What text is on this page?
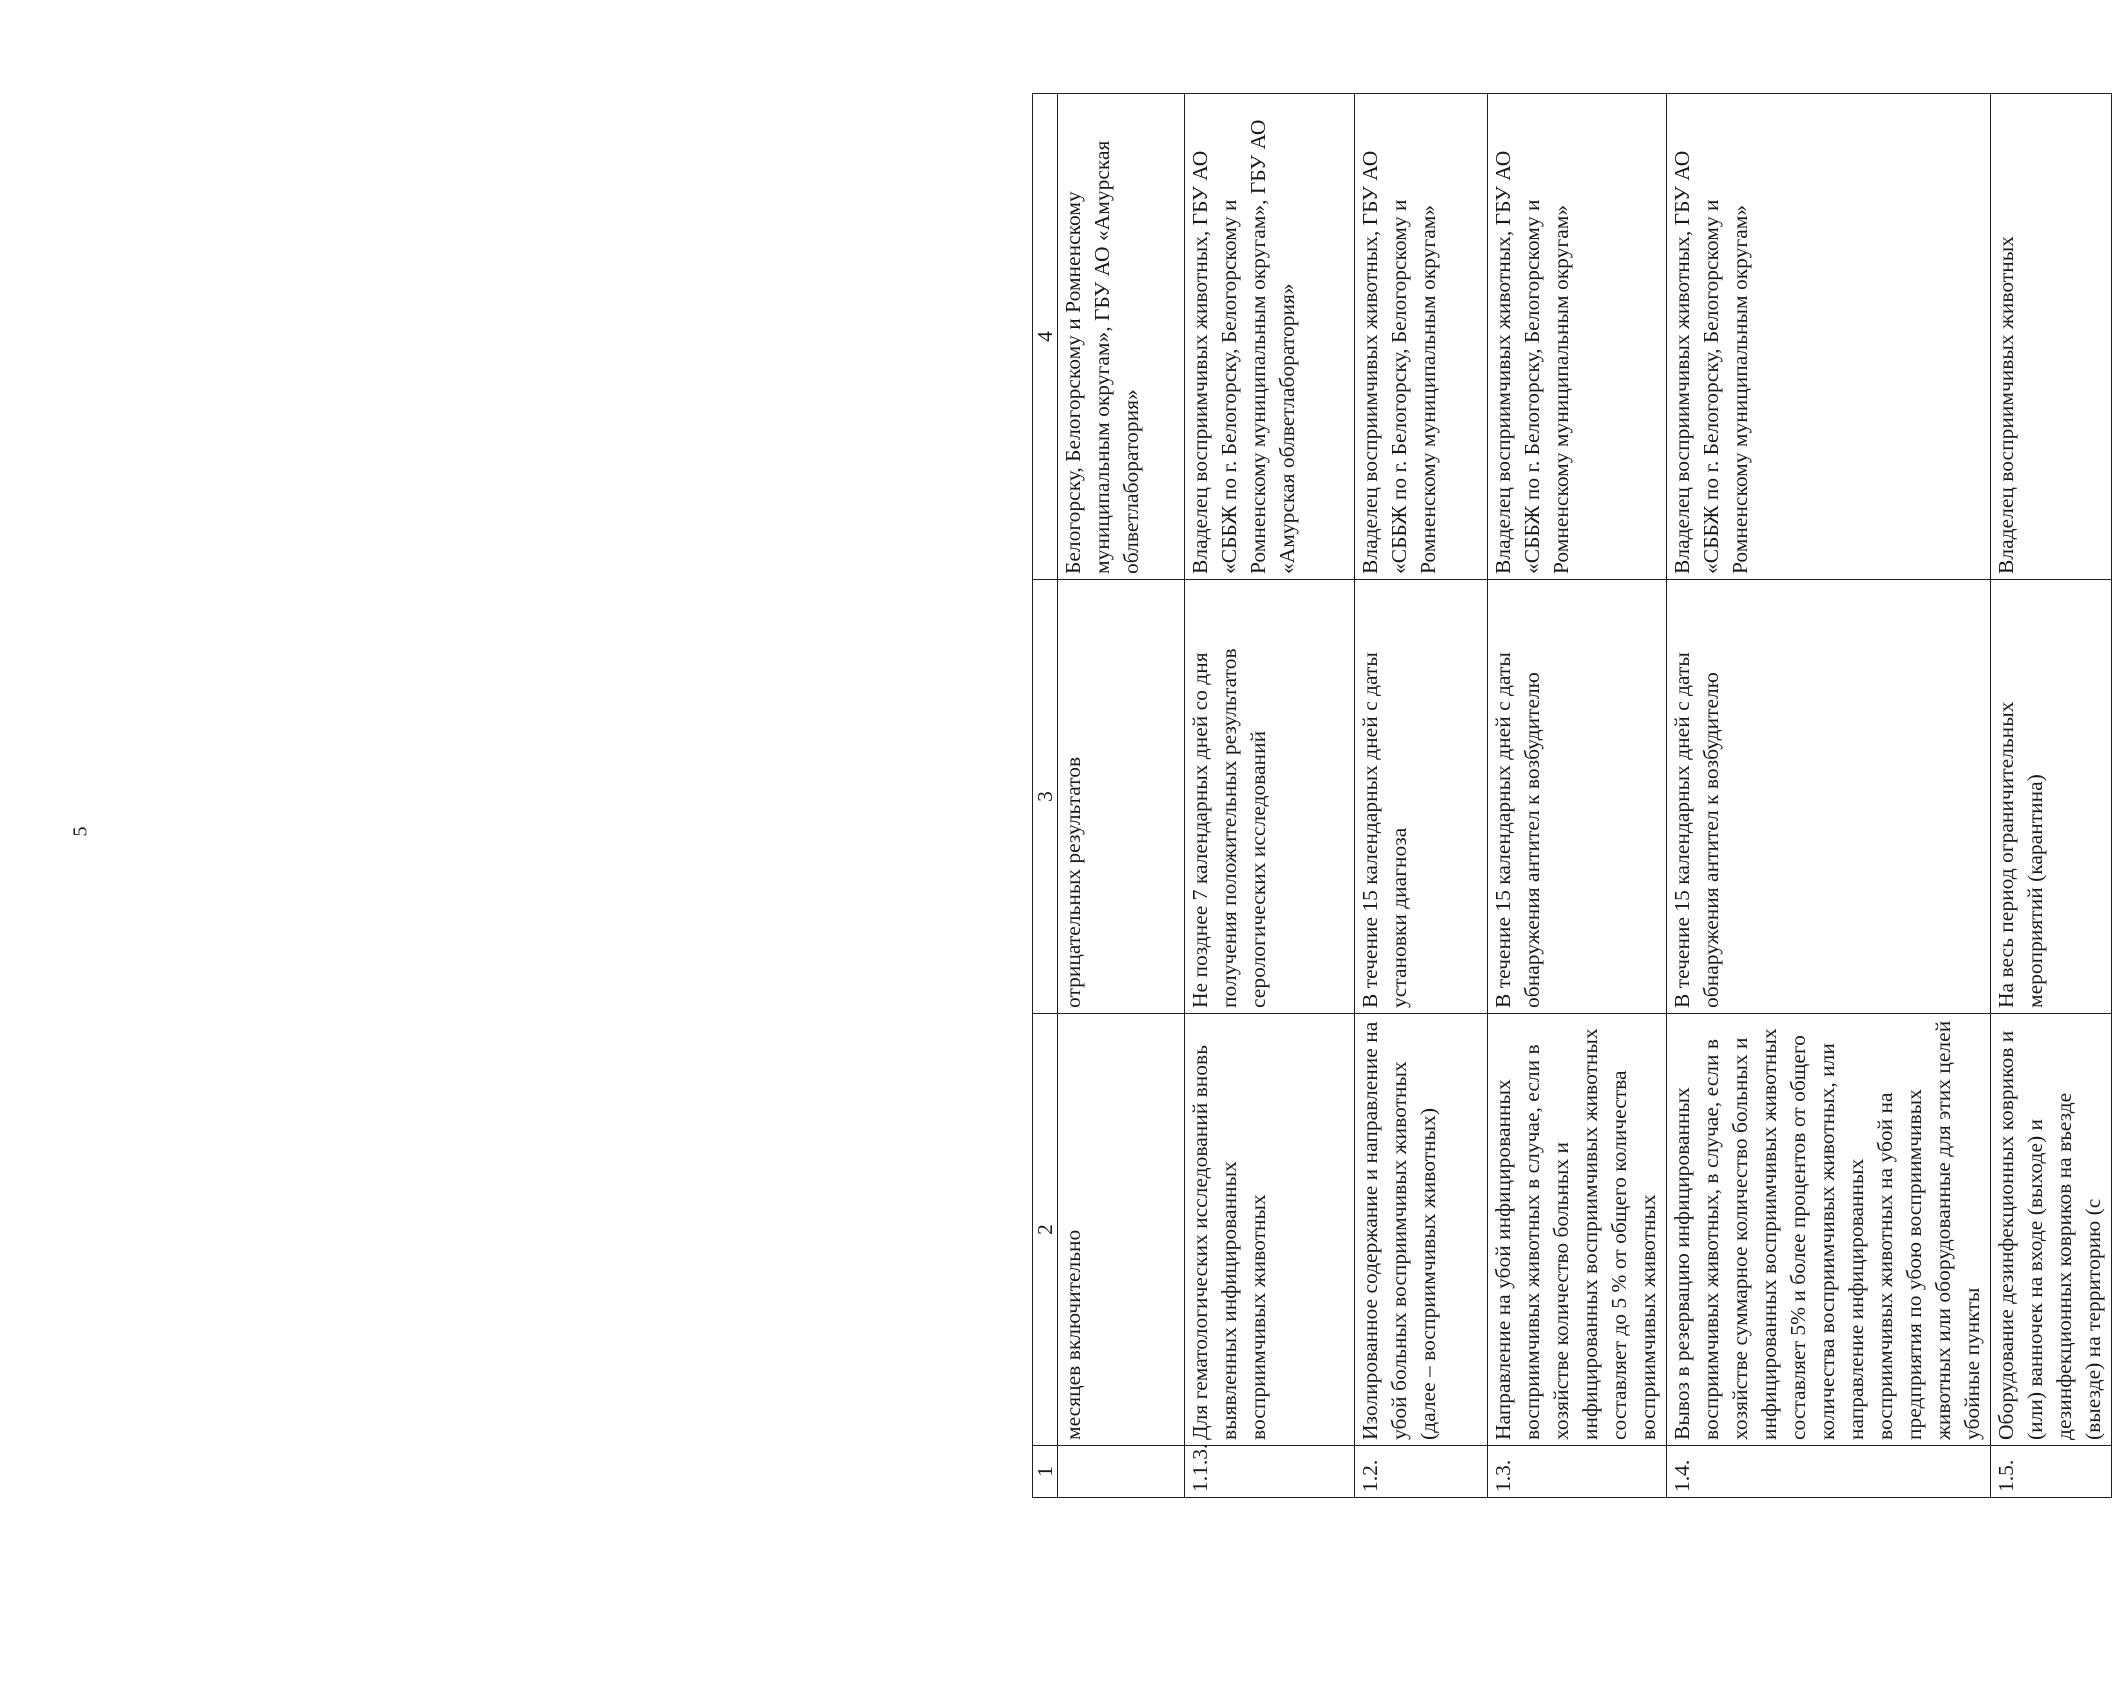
5
1	2	3	4
	месяцев включительно	отрицательных результатов	Белогорску, Белогорскому и Ромненскому муниципальным округам», ГБУ АО «Амурская облветлаборатория»
1.1.3.	Для гематологических исследований вновь выявленных инфицированных восприимчивых животных	Не позднее 7 календарных дней со дня получения положительных результатов серологических исследований	Владелец восприимчивых животных, ГБУ АО «СББЖ по г. Белогорску, Белогорскому и Ромненскому муниципальным округам», ГБУ АО «Амурская облветлаборатория»
1.2.	Изолированное содержание и направление на убой больных восприимчивых животных (далее – восприимчивых животных)	В течение 15 календарных дней с даты установки диагноза	Владелец восприимчивых животных, ГБУ АО «СББЖ по г. Белогорску, Белогорскому и Ромненскому муниципальным округам»
1.3.	Направление на убой инфицированных восприимчивых животных в случае, если в хозяйстве количество больных и инфицированных восприимчивых животных составляет до 5 % от общего количества восприимчивых животных	В течение 15 календарных дней с даты обнаружения антител к возбудителю	Владелец восприимчивых животных, ГБУ АО «СББЖ по г. Белогорску, Белогорскому и Ромненскому муниципальным округам»
1.4.	Вывоз в резервацию инфицированных восприимчивых животных, в случае, если в хозяйстве суммарное количество больных и инфицированных восприимчивых животных составляет 5% и более процентов от общего количества восприимчивых животных, или направление инфицированных восприимчивых животных на убой на предприятия по убою восприимчивых животных или оборудованные для этих целей убойные пункты	В течение 15 календарных дней с даты обнаружения антител к возбудителю	Владелец восприимчивых животных, ГБУ АО «СББЖ по г. Белогорску, Белогорскому и Ромненскому муниципальным округам»
1.5.	Оборудование дезинфекционных ковриков и (или) ванночек на входе (выходе) и дезинфекционных ковриков на въезде (выезде) на территорию (с	На весь период ограничительных мероприятий (карантина)	Владелец восприимчивых животных
